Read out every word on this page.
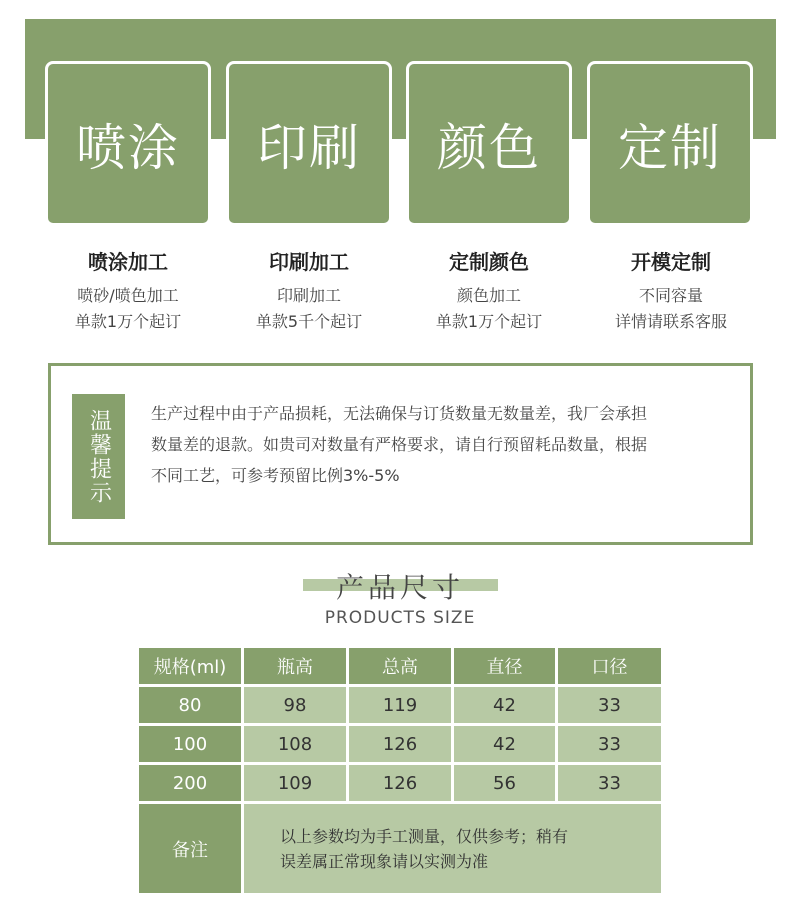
喷涂	印刷	颜色	定制
喷涂加工
喷砂/喷色加工
单款1万个起订
印刷加工
印刷加工
单款5千个起订
定制颜色
颜色加工
单款1万个起订
开模定制
不同容量
详情请联系客服
温馨提示	生产过程中由于产品损耗，无法确保与订货数量无数量差，我厂会承担
数量差的退款。如贵司对数量有严格要求，请自行预留耗品数量，根据
不同工艺，可参考预留比例3%-5%
产品尺寸
PRODUCTS SIZE
规格(ml)	瓶高	总高	直径	口径
80	98	119	42	33
100	108	126	42	33
200	109	126	56	33
备注
以上参数均为手工测量，仅供参考；稍有
误差属正常现象请以实测为准
